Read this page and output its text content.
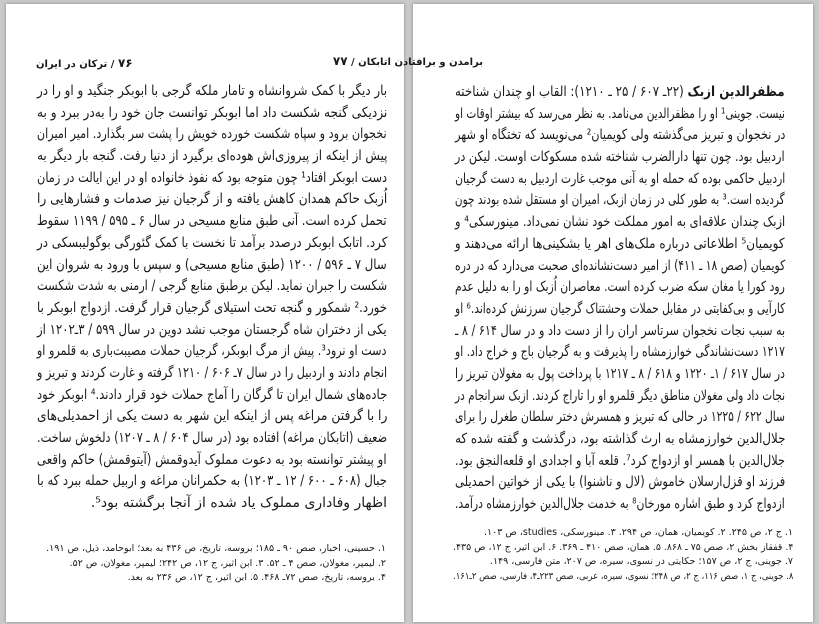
۷۶ / ترکان در ایران
بار دیگر با کمک شروانشاه و تامار ملکه گرجی با ابوبکر جنگید و او را در
نزدیکی گنجه شکست داد اما ابوبکر توانست جان خود را به‌در ببرد و به
نخجوان برود و سپاه شکست خورده خویش را پشت سر بگذارد. امیر امیران
پیش از اینکه از پیروزی‌اش هوده‌ای برگیرد از دنیا رفت. گنجه بار دیگر به
دست ابوبکر افتاد¹ چون متوجه بود که نفوذ خانواده او در این ایالت در زمان
اُزبک حاکم همدان کاهش یافته و از گرجیان نیز صدمات و فشارهایی را
تحمل کرده است. آنی طبق منابع مسیحی در سال ۶ ـ ۵۹۵ / ۱۱۹۹ سقوط
کرد. اتابک ابوبکر درصدد برآمد تا نخست با کمک گئورگی بوگولیبسکی در
سال ۷ ـ ۵۹۶ / ۱۲۰۰ (طبق منابع مسیحی) و سپس با ورود به شروان این
شکست را جبران نماید. لیکن برطبق منابع گرجی / ارمنی به شدت شکست
خورد.² شمکور و گنجه تحت استیلای گرجیان قرار گرفت. ازدواج ابوبکر با
یکی از دختران شاه گرجستان موجب نشد دوین در سال ۵۹۹ / ۳ـ۱۲۰۲ از
دست او نرود³. پیش از مرگ ابوبکر، گرجیان حملات مصیبت‌باری به قلمرو او
انجام دادند و اردبیل را در سال ۷ـ ۶۰۶ / ۱۲۱۰ گرفته و غارت کردند و تبریز و
جاده‌های شمال ایران تا گرگان را آماج حملات خود قرار دادند.⁴ ابوبکر خود
را با گرفتن مراغه پس از اینکه این شهر به دست یکی از احمدیلی‌های
ضعیف (اتابکان مراغه) افتاده بود (در سال ۶۰۴ / ۸ ـ ۱۲۰۷) دلخوش ساخت.
او پیشتر توانسته بود به دعوت مملوک آیدوقمش (آیتوقمش) حاکم واقعی
جبال (۶۰۸ ـ ۶۰۰ / ۱۲ ـ ۱۲۰۳) به حکمرانان مراغه و اربیل حمله ببرد که با
اظهار وفاداری مملوک یاد شده از آنجا برگشته بود⁵.
۱. حسینی، اخبار، صص ۹۰ ـ ۱۸۵؛ بروسه، تاریخ، ص ۴۳۶ به بعد؛ ابوحامد، ذیل، ص ۱۹۱.
۲. لیمپر، مغولان، صص ۴ ـ ۵۲. ۳. ابن اثیر، ج ۱۲، ص ۲۴۲؛ لیمپر، مغولان، ص ۵۲.
۴. بروسه، تاریخ، صص ۷۲ـ ۴۶۸. ۵. ابن اثیر، ج ۱۲، ص ۲۳۶ به بعد.
برامدن و برافتادن اتابکان / ۷۷
مظفرالدین ازبک (۲۲ـ ۶۰۷ / ۲۵ ـ ۱۲۱۰): القاب او چندان شناخته
نیست. جوینی¹ او را مظفرالدین می‌نامد. به نظر می‌رسد که بیشتر اوقات او
در نخجوان و تبریز می‌گذشته ولی کویمیان² می‌نویسد که تختگاه او شهر
اردبیل بود. چون تنها دارالضرب شناخته شده مسکوکات اوست. لیکن در
اردبیل حاکمی بوده که حمله او به آنی موجب غارت اردبیل به دست گرجیان
گردیده است.³ به طور کلی در زمان ازبک، امیران او مستقل شده بودند چون
ازبک چندان علاقه‌ای به امور مملکت خود نشان نمی‌داد. مینورسکی⁴ و
کویمیان⁵ اطلاعاتی درباره ملک‌های اهر یا بشکینی‌ها ارائه می‌دهند و
کویمیان (صص ۱۸ ـ ۴۱۱) از امیر دست‌نشانده‌ای صحبت می‌دارد که در دره
رود کورا یا مغان سکه ضرب کرده است. معاصران اُزبک او را به دلیل عدم
کارآیی و بی‌کفایتی در مقابل حملات وحشتناک گرجیان سرزنش کرده‌اند.⁶ او
به سبب نجات نخجوان سرتاسر اران را از دست داد و در سال ۶۱۴ / ۸ ـ
۱۲۱۷ دست‌نشاندگی خوارزمشاه را پذیرفت و به گرجیان باج و خراج داد. او
در سال ۶۱۷ / ۱ـ ۱۲۲۰ و ۶۱۸ / ۸ ـ ۱۲۱۷ با پرداخت پول به مغولان تبریز را
نجات داد ولی مغولان مناطق دیگر قلمرو او را تاراج کردند. ازبک سرانجام در
سال ۶۲۲ / ۱۲۲۵ در حالی که تبریز و همسرش دختر سلطان طغرل را برای
جلال‌الدین خوارزمشاه به ارث گذاشته بود، درگذشت و گفته شده که
جلال‌الدین با همسر او ازدواج کرد⁷. قلعه آبا و اجدادی او قلعه‌النجق بود.
فرزند او قزل‌ارسلان خاموش (لال و ناشنوا) با یکی از خواتین احمدیلی
ازدواج کرد و طبق اشاره مورخان⁸ به خدمت جلال‌الدین خوارزمشاه درآمد.
۱. ج ۲، ص ۲۴۵. ۲. کویمیان، همان، ص ۲۹۴. ۳. مینورسکی، studies، ص ۱۰۳.
۴. قفقاز بخش ۲، صص ۷۵ ـ ۸۶۸. ۵. همان، صص ۴۱۰ ـ ۳۶۹. ۶. ابن اثیر، ج ۱۲، ص ۴۳۵.
۷. جوینی، ج ۲، ص ۱۵۷؛ حکایتی در نسوی، سیره، ص ۲۰۷، متن فارسی، ۱۴۹.
۸. جوینی، ج ۱، صص ۱۱۶، ج ۲، ص ۲۴۸؛ نسوی، سیره، عربی، صص ۲۲۳ـ۴، فارسی، صص ۲ـ۱۶۱.
